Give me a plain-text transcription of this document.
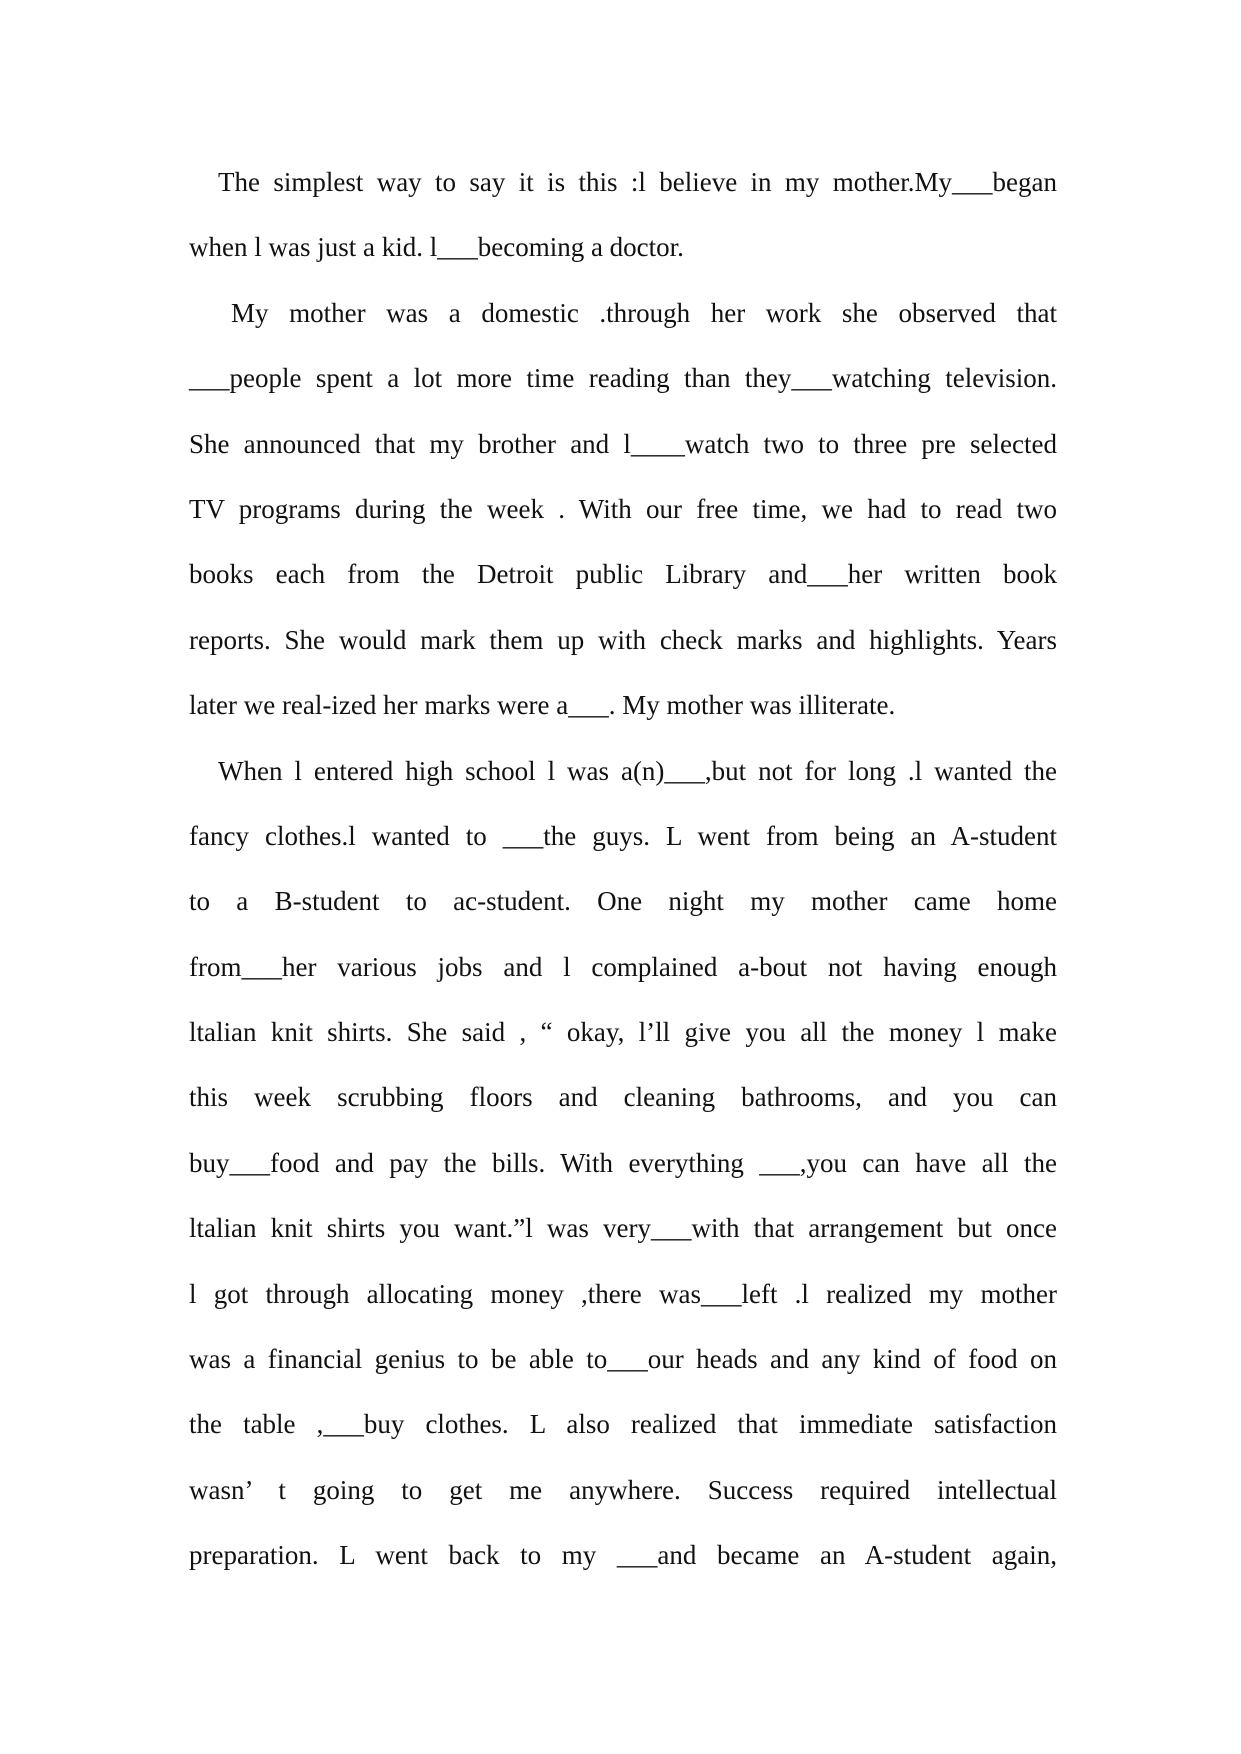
The simplest way to say it is this :l believe in my mother.My___began
when l was just a kid. l___becoming a doctor.
My mother was a domestic .through her work she observed that
___people spent a lot more time reading than they___watching television.
She announced that my brother and l____watch two to three pre selected
TV programs during the week . With our free time, we had to read two
books each from the Detroit public Library and___her written book
reports. She would mark them up with check marks and highlights. Years
later we real-ized her marks were a___. My mother was illiterate.
When l entered high school l was a(n)___,but not for long .l wanted the
fancy clothes.l wanted to ___the guys. L went from being an A-student
to a B-student to ac-student. One night my mother came home
from___her various jobs and l complained a-bout not having enough
ltalian knit shirts. She said , “ okay, l’ll give you all the money l make
this week scrubbing floors and cleaning bathrooms, and you can
buy___food and pay the bills. With everything ___,you can have all the
ltalian knit shirts you want.”l was very___with that arrangement but once
l got through allocating money ,there was___left .l realized my mother
was a financial genius to be able to___our heads and any kind of food on
the table ,___buy clothes. L also realized that immediate satisfaction
wasn’ t going to get me anywhere. Success required intellectual
preparation. L went back to my ___and became an A-student again,
